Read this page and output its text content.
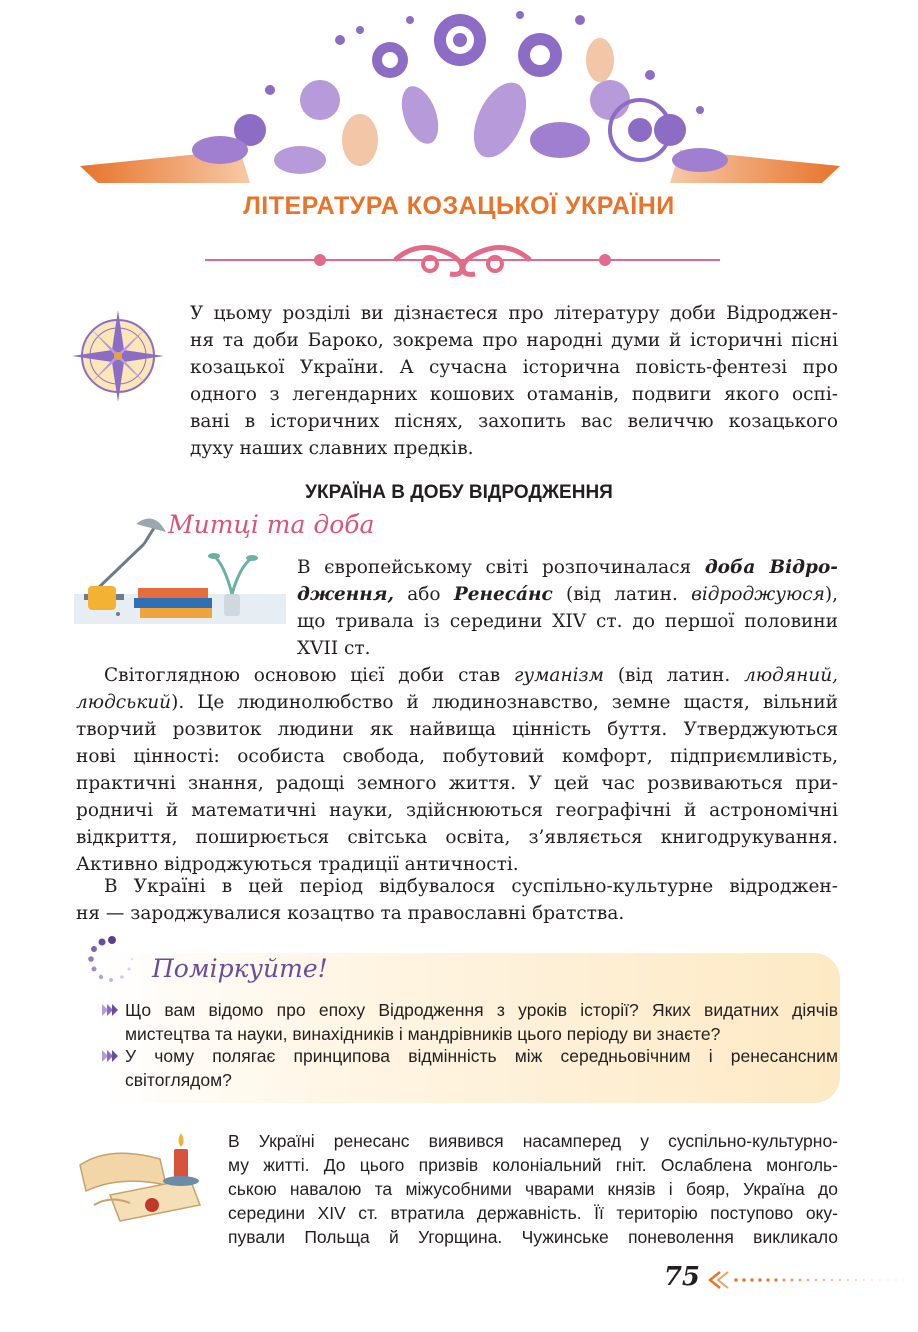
ЛІТЕРАТУРА КОЗАЦЬКОЇ УКРАЇНИ
У цьому розділі ви дізнаєтеся про літературу доби Відроджен-
ня та доби Бароко, зокрема про народні думи й історичні пісні
козацької України. А сучасна історична повість-фентезі про
одного з легендарних кошових отаманів, подвиги якого оспі-
вані в історичних піснях, захопить вас величчю козацького
духу наших славних предків.
УКРАЇНА В ДОБУ ВІДРОДЖЕННЯ
Митці та доба
В європейському світі розпочиналася доба Відро-
дження, або Ренеса́нс (від латин. відроджуюся),
що тривала із середини XIV ст. до першої половини
XVII ст.
Світоглядною основою цієї доби став гуманізм (від латин. людяний,
людський). Це людинолюбство й людинознавство, земне щастя, вільний
творчий розвиток людини як найвища цінність буття. Утверджуються
нові цінності: особиста свобода, побутовий комфорт, підприємливість,
практичні знання, радощі земного життя. У цей час розвиваються при-
родничі й математичні науки, здійснюються географічні й астрономічні
відкриття, поширюється світська освіта, з’являється книгодрукування.
Активно відроджуються традиції античності.
В Україні в цей період відбувалося суспільно-культурне відроджен-
ня — зароджувалися козацтво та православні братства.
Поміркуйте!
Що вам відомо про епоху Відродження з уроків історії? Яких видатних діячів
мистецтва та науки, винахідників і мандрівників цього періоду ви знаєте?
У чому полягає принципова відмінність між середньовічним і ренесансним
світоглядом?
В Україні ренесанс виявився насамперед у суспільно-культурно-
му житті. До цього призвів колоніальний гніт. Ослаблена монголь-
ською навалою та міжусобними чварами князів і бояр, Україна до
середини XIV ст. втратила державність. Її територію поступово оку-
пували Польща й Угорщина. Чужинське поневолення викликало
75
